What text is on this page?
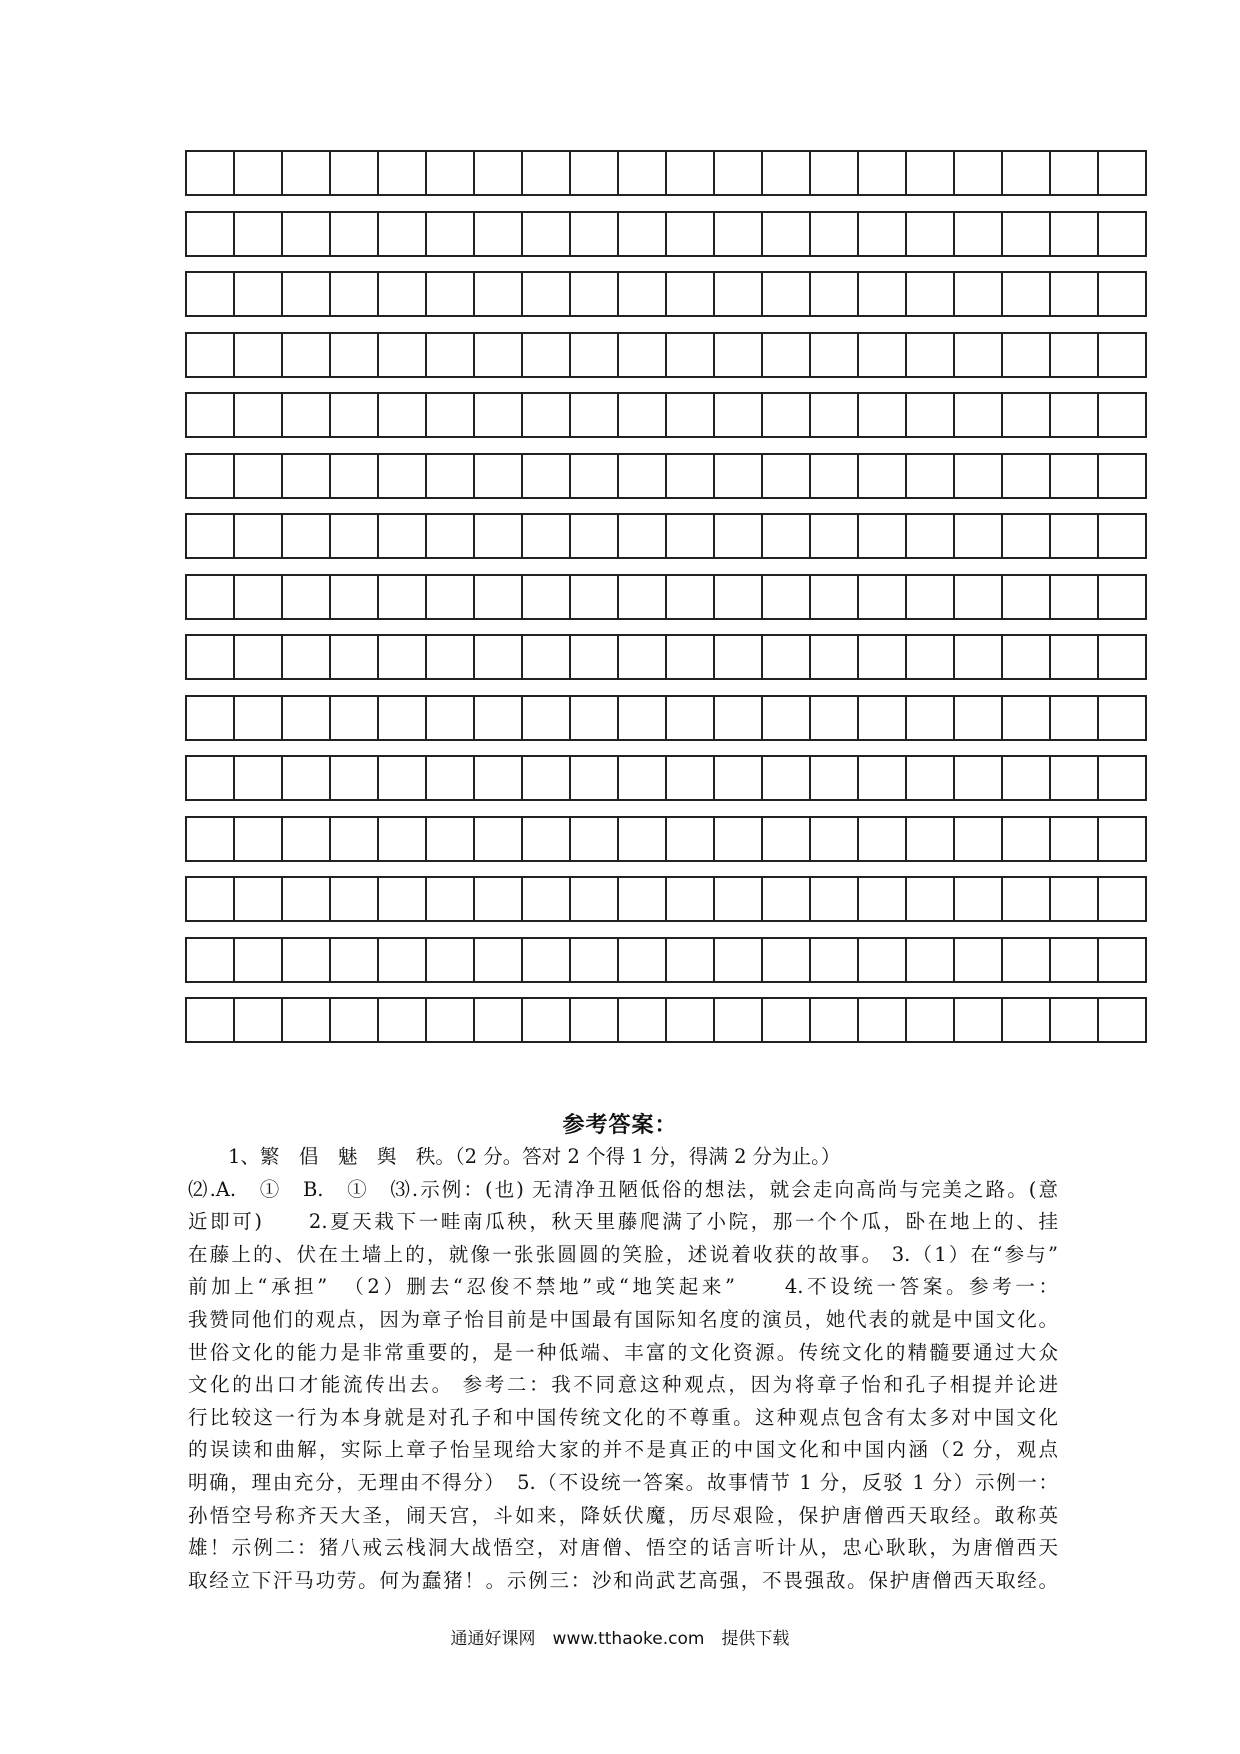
参考答案：
1、繁　倡　魅　舆　秩。（2 分。答对 2 个得 1 分，得满 2 分为止。）
⑵.A.　①　B.　①　⑶.示例：(也) 无清净丑陋低俗的想法，就会走向高尚与完美之路。(意
近即可)　　2.夏天栽下一畦南瓜秧，秋天里藤爬满了小院，那一个个瓜，卧在地上的、挂
在藤上的、伏在土墙上的，就像一张张圆圆的笑脸，述说着收获的故事。 3.（1）在“参与”
前加上“承担”　（2）删去“忍俊不禁地”或“地笑起来”　　4.不设统一答案。参考一：
我赞同他们的观点，因为章子怡目前是中国最有国际知名度的演员，她代表的就是中国文化。
世俗文化的能力是非常重要的，是一种低端、丰富的文化资源。传统文化的精髓要通过大众
文化的出口才能流传出去。 参考二：我不同意这种观点，因为将章子怡和孔子相提并论进
行比较这一行为本身就是对孔子和中国传统文化的不尊重。这种观点包含有太多对中国文化
的误读和曲解，实际上章子怡呈现给大家的并不是真正的中国文化和中国内涵（2 分，观点
明确，理由充分，无理由不得分）　5.（不设统一答案。故事情节 1 分，反驳 1 分）示例一：
孙悟空号称齐天大圣，闹天宫，斗如来，降妖伏魔，历尽艰险，保护唐僧西天取经。敢称英
雄！示例二：猪八戒云栈洞大战悟空，对唐僧、悟空的话言听计从，忠心耿耿，为唐僧西天
取经立下汗马功劳。何为蠢猪！。示例三：沙和尚武艺高强，不畏强敌。保护唐僧西天取经。
通通好课网　www.tthaoke.com　提供下载
